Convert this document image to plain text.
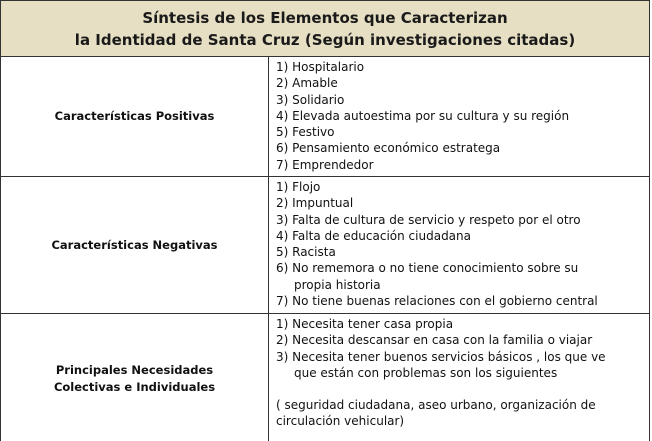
Síntesis de los Elementos que Caracterizan
la Identidad de Santa Cruz (Según investigaciones citadas)
Características Positivas
1) Hospitalario
2) Amable
3) Solidario
4) Elevada autoestima por su cultura y su región
5) Festivo
6) Pensamiento económico estratega
7) Emprendedor
Características Negativas
1) Flojo
2) Impuntual
3) Falta de cultura de servicio y respeto por el otro
4) Falta de educación ciudadana
5) Racista
6) No rememora o no tiene conocimiento sobre su
propia historia
7) No tiene buenas relaciones con el gobierno central
Principales Necesidades
Colectivas e Individuales
1) Necesita tener casa propia
2) Necesita descansar en casa con la familia o viajar
3) Necesita tener buenos servicios básicos , los que ve
que están con problemas son los siguientes
( seguridad ciudadana, aseo urbano, organización de
circulación vehicular)
